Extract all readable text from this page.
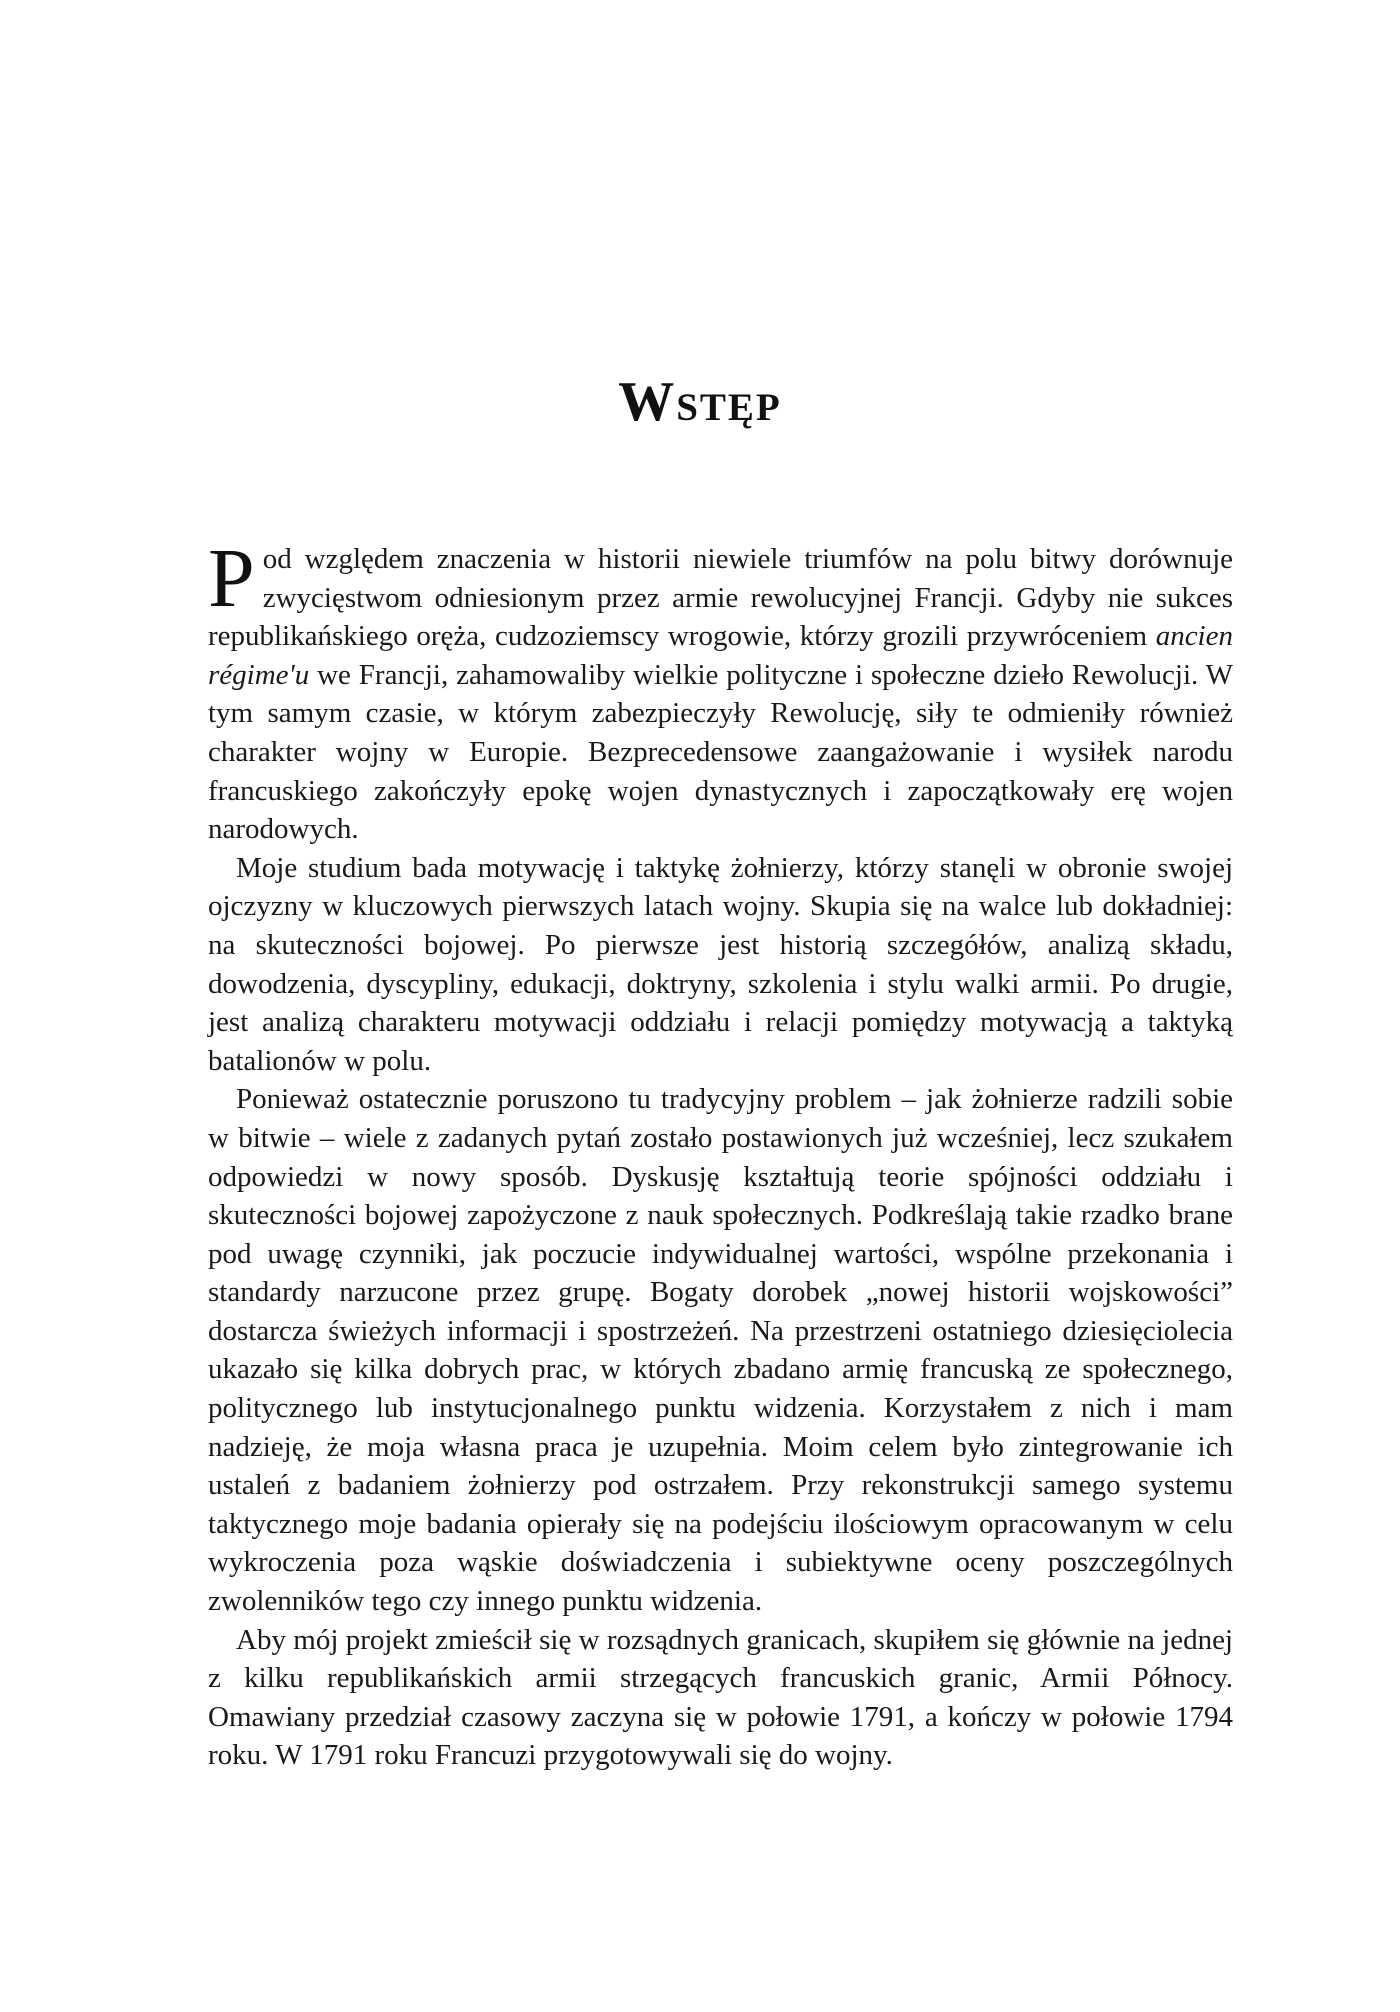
Wstęp

Pod względem znaczenia w historii niewiele triumfów na polu bitwy dorównuje zwycięstwom odniesionym przez armie rewolucyjnej Francji. Gdyby nie sukces republikańskiego oręża, cudzoziemscy wrogowie, którzy grozili przywróceniem ancien régime'u we Francji, zahamowaliby wielkie polityczne i społeczne dzieło Rewolucji. W tym samym czasie, w którym zabezpieczyły Rewolucję, siły te odmieniły również charakter wojny w Europie. Bezprecedensowe zaangażowanie i wysiłek narodu francuskiego zakończyły epokę wojen dynastycznych i zapoczątkowały erę wojen narodowych.

Moje studium bada motywację i taktykę żołnierzy, którzy stanęli w obronie swojej ojczyzny w kluczowych pierwszych latach wojny. Skupia się na walce lub dokładniej: na skuteczności bojowej. Po pierwsze jest historią szczegółów, analizą składu, dowodzenia, dyscypliny, edukacji, doktryny, szkolenia i stylu walki armii. Po drugie, jest analizą charakteru motywacji oddziału i relacji pomiędzy motywacją a taktyką batalionów w polu.

Ponieważ ostatecznie poruszono tu tradycyjny problem – jak żołnierze radzili sobie w bitwie – wiele z zadanych pytań zostało postawionych już wcześniej, lecz szukałem odpowiedzi w nowy sposób. Dyskusję kształtują teorie spójności oddziału i skuteczności bojowej zapożyczone z nauk społecznych. Podkreślają takie rzadko brane pod uwagę czynniki, jak poczucie indywidualnej wartości, wspólne przekonania i standardy narzucone przez grupę. Bogaty dorobek „nowej historii wojskowości” dostarcza świeżych informacji i spostrzeżeń. Na przestrzeni ostatniego dziesięciolecia ukazało się kilka dobrych prac, w których zbadano armię francuską ze społecznego, politycznego lub instytucjonalnego punktu widzenia. Korzystałem z nich i mam nadzieję, że moja własna praca je uzupełnia. Moim celem było zintegrowanie ich ustaleń z badaniem żołnierzy pod ostrzałem. Przy rekonstrukcji samego systemu taktycznego moje badania opierały się na podejściu ilościowym opracowanym w celu wykroczenia poza wąskie doświadczenia i subiektywne oceny poszczególnych zwolenników tego czy innego punktu widzenia.

Aby mój projekt zmieścił się w rozsądnych granicach, skupiłem się głównie na jednej z kilku republikańskich armii strzegących francuskich granic, Armii Północy. Omawiany przedział czasowy zaczyna się w połowie 1791, a kończy w połowie 1794 roku. W 1791 roku Francuzi przygotowywali się do wojny.
